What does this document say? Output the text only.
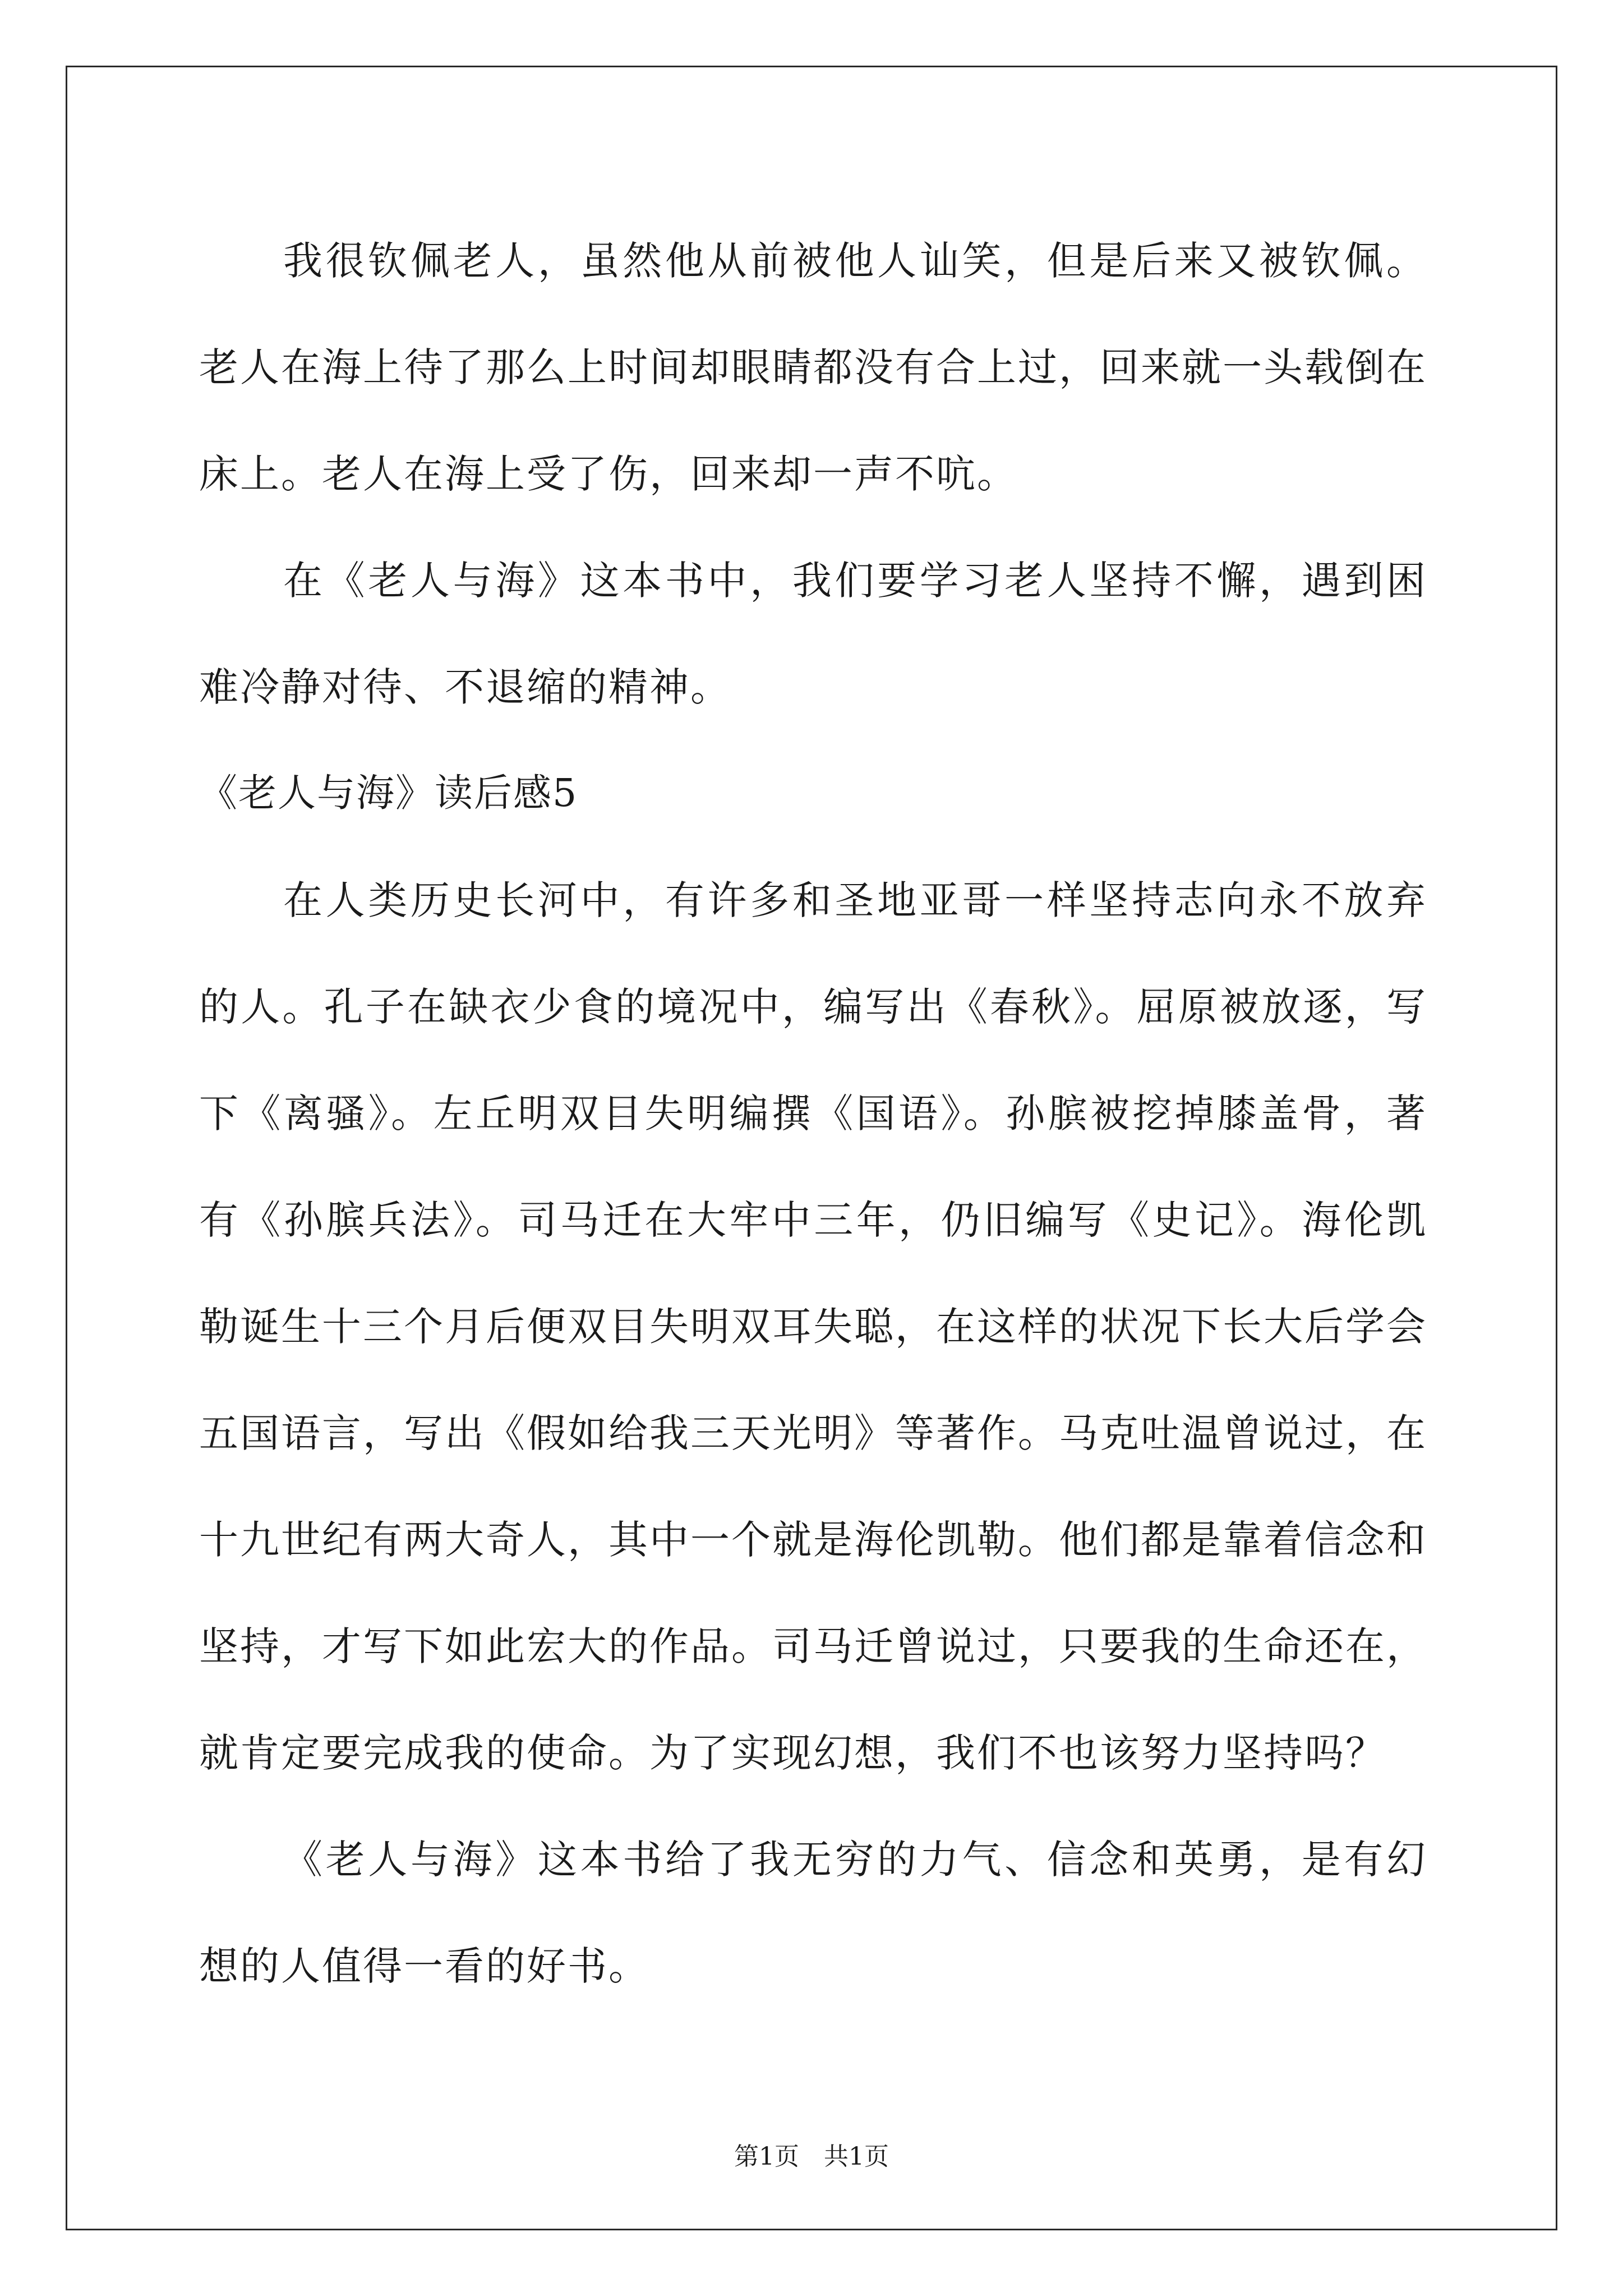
我很钦佩老人，虽然他从前被他人讪笑，但是后来又被钦佩。老人在海上待了那么上时间却眼睛都没有合上过，回来就一头载倒在床上。老人在海上受了伤，回来却一声不吭。

在《老人与海》这本书中，我们要学习老人坚持不懈，遇到困难冷静对待、不退缩的精神。

《老人与海》读后感5

在人类历史长河中，有许多和圣地亚哥一样坚持志向永不放弃的人。孔子在缺衣少食的境况中，编写出《春秋》。屈原被放逐，写下《离骚》。左丘明双目失明编撰《国语》。孙膑被挖掉膝盖骨，著有《孙膑兵法》。司马迁在大牢中三年，仍旧编写《史记》。海伦凯勒诞生十三个月后便双目失明双耳失聪，在这样的状况下长大后学会五国语言，写出《假如给我三天光明》等著作。马克吐温曾说过，在十九世纪有两大奇人，其中一个就是海伦凯勒。他们都是靠着信念和坚持，才写下如此宏大的作品。司马迁曾说过，只要我的生命还在，就肯定要完成我的使命。为了实现幻想，我们不也该努力坚持吗？

《老人与海》这本书给了我无穷的力气、信念和英勇，是有幻想的人值得一看的好书。

第1页　共1页
